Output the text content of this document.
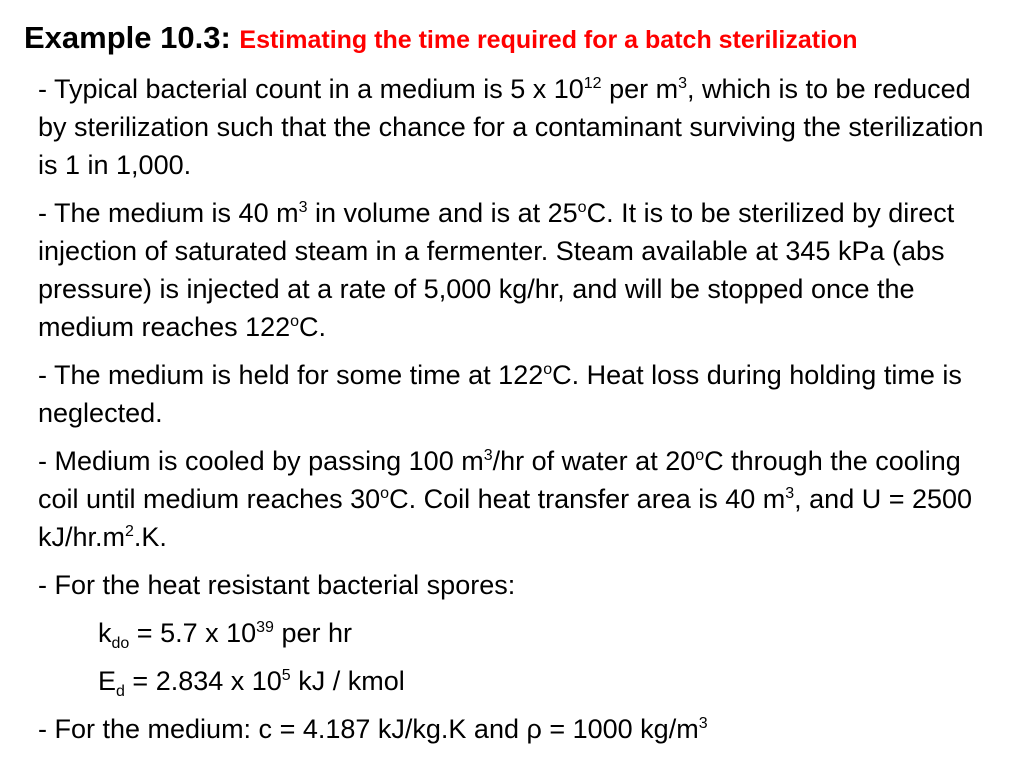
Example 10.3: Estimating the time required for a batch sterilization
- Typical bacterial count in a medium is 5 x $10^{12}$ per $m^3$, which is to be reduced by sterilization such that the chance for a contaminant surviving the sterilization is 1 in 1,000.
- The medium is 40 $m^3$ in volume and is at 25$^o$C. It is to be sterilized by direct injection of saturated steam in a fermenter. Steam available at 345 kPa (abs pressure) is injected at a rate of 5,000 kg/hr, and will be stopped once the medium reaches 122$^o$C.
- The medium is held for some time at 122$^o$C. Heat loss during holding time is neglected.
- Medium is cooled by passing 100 $m^3/hr$ of water at 20$^o$C through the cooling coil until medium reaches 30$^o$C. Coil heat transfer area is 40 $m^3$, and U = 2500 $kJ/hr.m^2.K$.
- For the heat resistant bacterial spores:
$k_{do} = 5.7$ x $10^{39}$ per hr
$E_d = 2.834$ x $10^5$ kJ / kmol
- For the medium: c = 4.187 kJ/kg.K and ρ = 1000 $kg/m^3$
